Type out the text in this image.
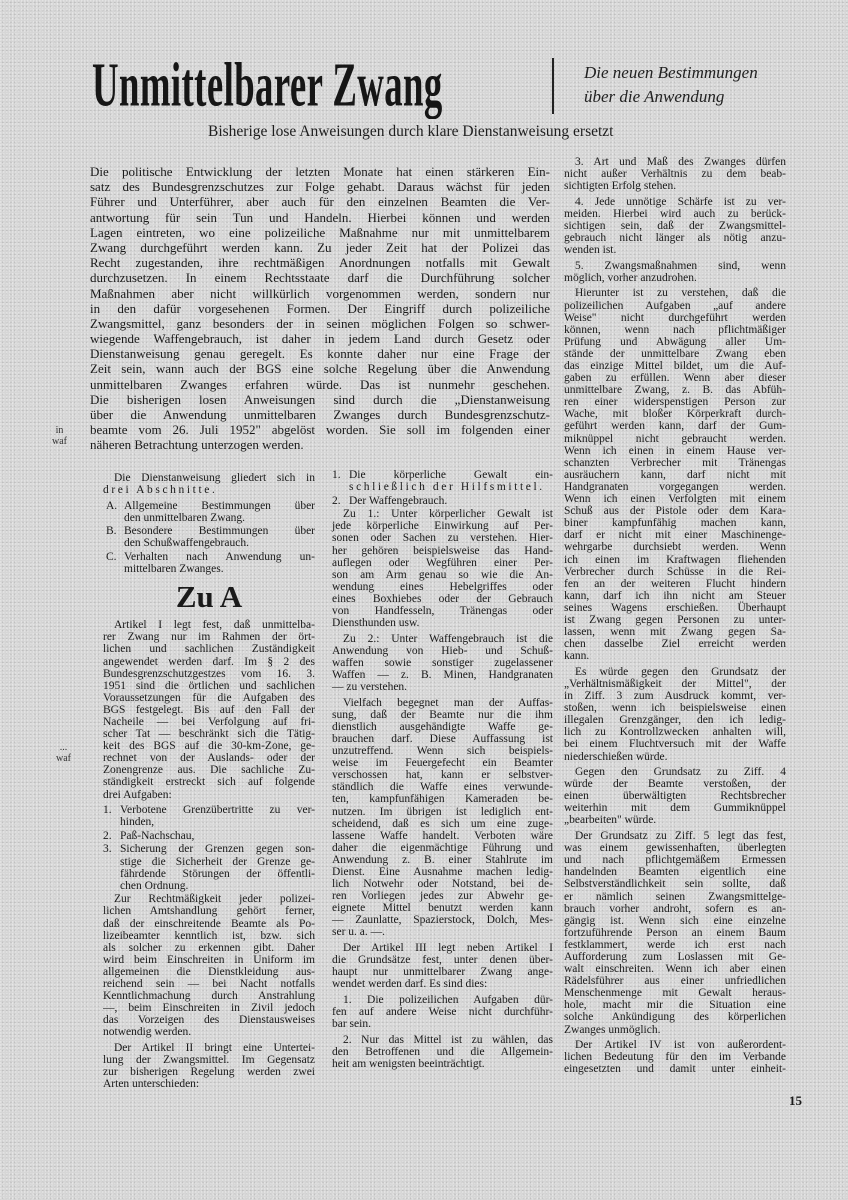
Unmittelbarer Zwang	Die neuen Bestimmungen
über die Anwendung
Bisherige lose Anweisungen durch klare Dienstanweisung ersetzt
Die politische Entwicklung der letzten Monate hat einen stärkeren Ein-
satz des Bundesgrenzschutzes zur Folge gehabt. Daraus wächst für jeden
Führer und Unterführer, aber auch für den einzelnen Beamten die Ver-
antwortung für sein Tun und Handeln. Hierbei können und werden
Lagen eintreten, wo eine polizeiliche Maßnahme nur mit unmittelbarem
Zwang durchgeführt werden kann. Zu jeder Zeit hat der Polizei das
Recht zugestanden, ihre rechtmäßigen Anordnungen notfalls mit Gewalt
durchzusetzen. In einem Rechtsstaate darf die Durchführung solcher
Maßnahmen aber nicht willkürlich vorgenommen werden, sondern nur
in den dafür vorgesehenen Formen. Der Eingriff durch polizeiliche
Zwangsmittel, ganz besonders der in seinen möglichen Folgen so schwer-
wiegende Waffengebrauch, ist daher in jedem Land durch Gesetz oder
Dienstanweisung genau geregelt. Es konnte daher nur eine Frage der
Zeit sein, wann auch der BGS eine solche Regelung über die Anwendung
unmittelbaren Zwanges erfahren würde. Das ist nunmehr geschehen.
Die bisherigen losen Anweisungen sind durch die „Dienstanweisung
über die Anwendung unmittelbaren Zwanges durch Bundesgrenzschutz-
beamte vom 26. Juli 1952" abgelöst worden. Sie soll im folgenden einer
näheren Betrachtung unterzogen werden.
Die Dienstanweisung gliedert sich in
drei Abschnitte.
A. Allgemeine Bestimmungen über
den unmittelbaren Zwang.
B. Besondere Bestimmungen über
den Schußwaffengebrauch.
C. Verhalten nach Anwendung un-
mittelbaren Zwanges.
Zu A
Artikel I legt fest, daß unmittelba-
rer Zwang nur im Rahmen der ört-
lichen und sachlichen Zuständigkeit
angewendet werden darf. Im § 2 des
Bundesgrenzschutzgestzes vom 16. 3.
1951 sind die örtlichen und sachlichen
Voraussetzungen für die Aufgaben des
BGS festgelegt. Bis auf den Fall der
Nacheile — bei Verfolgung auf fri-
scher Tat — beschränkt sich die Tätig-
keit des BGS auf die 30-km-Zone, ge-
rechnet von der Auslands- oder der
Zonengrenze aus. Die sachliche Zu-
ständigkeit erstreckt sich auf folgende
drei Aufgaben:
1. Verbotene Grenzübertritte zu ver-
hinden,
2. Paß-Nachschau,
3. Sicherung der Grenzen gegen son-
stige die Sicherheit der Grenze ge-
fährdende Störungen der öffentli-
chen Ordnung.
Zur Rechtmäßigkeit jeder polizei-
lichen Amtshandlung gehört ferner,
daß der einschreitende Beamte als Po-
lizeibeamter kenntlich ist, bzw. sich
als solcher zu erkennen gibt. Daher
wird beim Einschreiten in Uniform im
allgemeinen die Dienstkleidung aus-
reichend sein — bei Nacht notfalls
Kenntlichmachung durch Anstrahlung
—, beim Einschreiten in Zivil jedoch
das Vorzeigen des Dienstausweises
notwendig werden.
Der Artikel II bringt eine Untertei-
lung der Zwangsmittel. Im Gegensatz
zur bisherigen Regelung werden zwei
Arten unterschieden:
1. Die körperliche Gewalt ein-
schließlich der Hilfsmittel.
2. Der Waffengebrauch.
Zu 1.: Unter körperlicher Gewalt ist
jede körperliche Einwirkung auf Per-
sonen oder Sachen zu verstehen. Hier-
her gehören beispielsweise das Hand-
auflegen oder Wegführen einer Per-
son am Arm genau so wie die An-
wendung eines Hebelgriffes oder
eines Boxhiebes oder der Gebrauch
von Handfesseln, Tränengas oder
Diensthunden usw.
Zu 2.: Unter Waffengebrauch ist die
Anwendung von Hieb- und Schuß-
waffen sowie sonstiger zugelassener
Waffen — z. B. Minen, Handgranaten
— zu verstehen.
Vielfach begegnet man der Auffas-
sung, daß der Beamte nur die ihm
dienstlich ausgehändigte Waffe ge-
brauchen darf. Diese Auffassung ist
unzutreffend. Wenn sich beispiels-
weise im Feuergefecht ein Beamter
verschossen hat, kann er selbstver-
ständlich die Waffe eines verwunde-
ten, kampfunfähigen Kameraden be-
nutzen. Im übrigen ist lediglich ent-
scheidend, daß es sich um eine zuge-
lassene Waffe handelt. Verboten wäre
daher die eigenmächtige Führung und
Anwendung z. B. einer Stahlrute im
Dienst. Eine Ausnahme machen ledig-
lich Notwehr oder Notstand, bei de-
ren Vorliegen jedes zur Abwehr ge-
eignete Mittel benutzt werden kann
— Zaunlatte, Spazierstock, Dolch, Mes-
ser u. a. —.
Der Artikel III legt neben Artikel I
die Grundsätze fest, unter denen über-
haupt nur unmittelbarer Zwang ange-
wendet werden darf. Es sind dies:
1. Die polizeilichen Aufgaben dür-
fen auf andere Weise nicht durchführ-
bar sein.
2. Nur das Mittel ist zu wählen, das
den Betroffenen und die Allgemein-
heit am wenigsten beeinträchtigt.
3. Art und Maß des Zwanges dürfen
nicht außer Verhältnis zu dem beab-
sichtigten Erfolg stehen.
4. Jede unnötige Schärfe ist zu ver-
meiden. Hierbei wird auch zu berück-
sichtigen sein, daß der Zwangsmittel-
gebrauch nicht länger als nötig anzu-
wenden ist.
5. Zwangsmaßnahmen sind, wenn
möglich, vorher anzudrohen.
Hierunter ist zu verstehen, daß die
polizeilichen Aufgaben „auf andere
Weise" nicht durchgeführt werden
können, wenn nach pflichtmäßiger
Prüfung und Abwägung aller Um-
stände der unmittelbare Zwang eben
das einzige Mittel bildet, um die Auf-
gaben zu erfüllen. Wenn aber dieser
unmittelbare Zwang, z. B. das Abfüh-
ren einer widerspenstigen Person zur
Wache, mit bloßer Körperkraft durch-
geführt werden kann, darf der Gum-
miknüppel nicht gebraucht werden.
Wenn ich einen in einem Hause ver-
schanzten Verbrecher mit Tränengas
ausräuchern kann, darf nicht mit
Handgranaten vorgegangen werden.
Wenn ich einen Verfolgten mit einem
Schuß aus der Pistole oder dem Kara-
biner kampfunfähig machen kann,
darf er nicht mit einer Maschinenge-
wehrgarbe durchsiebt werden. Wenn
ich einen im Kraftwagen fliehenden
Verbrecher durch Schüsse in die Rei-
fen an der weiteren Flucht hindern
kann, darf ich ihn nicht am Steuer
seines Wagens erschießen. Überhaupt
ist Zwang gegen Personen zu unter-
lassen, wenn mit Zwang gegen Sa-
chen dasselbe Ziel erreicht werden
kann.
Es würde gegen den Grundsatz der
„Verhältnismäßigkeit der Mittel", der
in Ziff. 3 zum Ausdruck kommt, ver-
stoßen, wenn ich beispielsweise einen
illegalen Grenzgänger, den ich ledig-
lich zu Kontrollzwecken anhalten will,
bei einem Fluchtversuch mit der Waffe
niederschießen würde.
Gegen den Grundsatz zu Ziff. 4
würde der Beamte verstoßen, der
einen überwältigten Rechtsbrecher
weiterhin mit dem Gummiknüppel
„bearbeiten" würde.
Der Grundsatz zu Ziff. 5 legt das fest,
was einem gewissenhaften, überlegten
und nach pflichtgemäßem Ermessen
handelnden Beamten eigentlich eine
Selbstverständlichkeit sein sollte, daß
er nämlich seinen Zwangsmittelge-
brauch vorher androht, sofern es an-
gängig ist. Wenn sich eine einzelne
fortzuführende Person an einem Baum
festklammert, werde ich erst nach
Aufforderung zum Loslassen mit Ge-
walt einschreiten. Wenn ich aber einen
Rädelsführer aus einer unfriedlichen
Menschenmenge mit Gewalt heraus-
hole, macht mir die Situation eine
solche Ankündigung des körperlichen
Zwanges unmöglich.
Der Artikel IV ist von außerordent-
lichen Bedeutung für den im Verbande
eingesetzten und damit unter einheit-
in
waf
...
waf
15
